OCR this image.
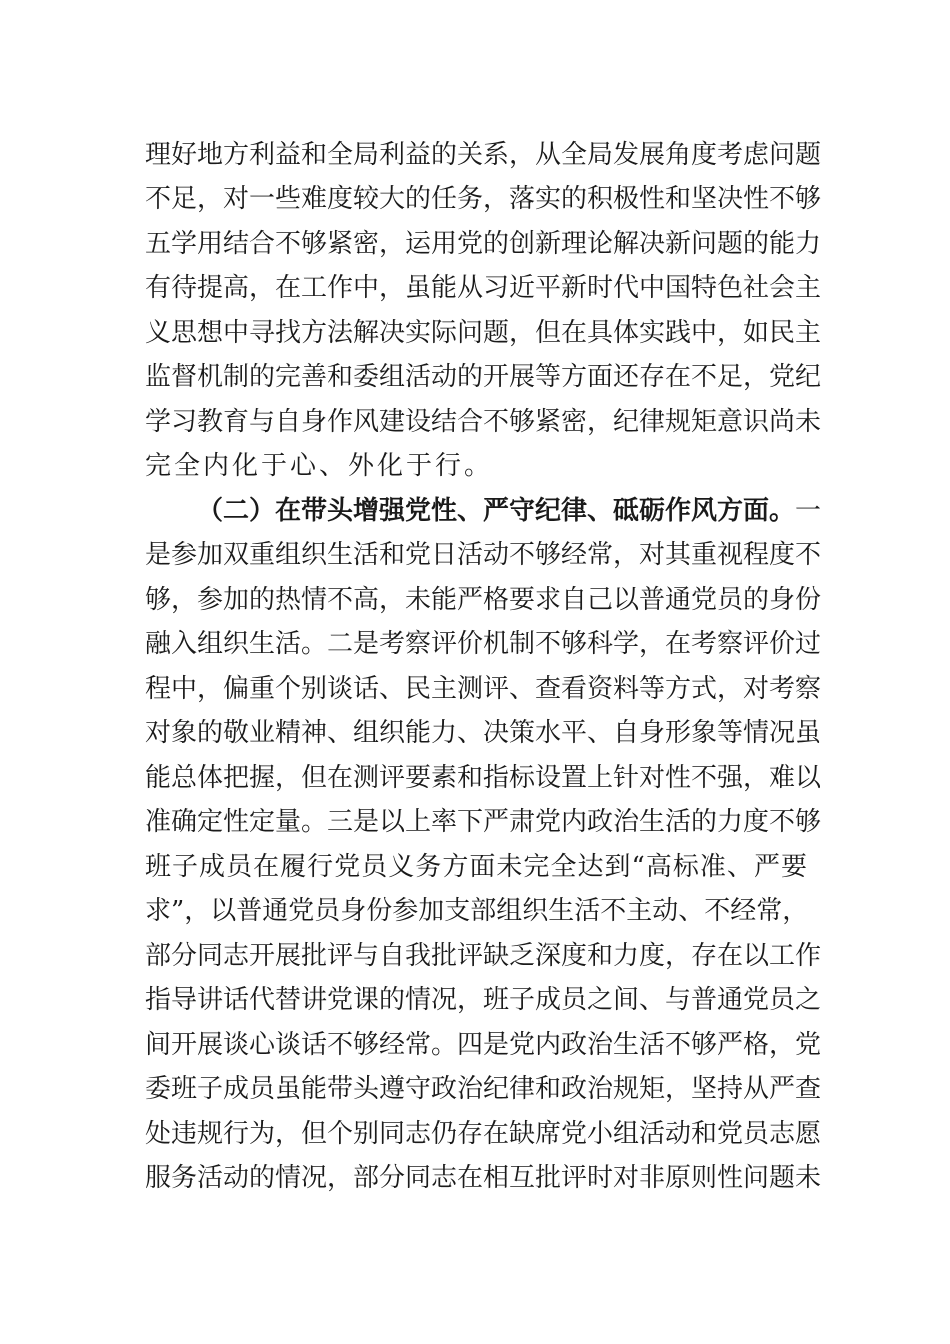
理好地方利益和全局利益的关系，从全局发展角度考虑问题
不足，对一些难度较大的任务，落实的积极性和坚决性不够
五学用结合不够紧密，运用党的创新理论解决新问题的能力
有待提高，在工作中，虽能从习近平新时代中国特色社会主
义思想中寻找方法解决实际问题，但在具体实践中，如民主
监督机制的完善和委组活动的开展等方面还存在不足，党纪
学习教育与自身作风建设结合不够紧密，纪律规矩意识尚未
完全内化于心、外化于行。
（二）在带头增强党性、严守纪律、砥砺作风方面。一
是参加双重组织生活和党日活动不够经常，对其重视程度不
够，参加的热情不高，未能严格要求自己以普通党员的身份
融入组织生活。二是考察评价机制不够科学，在考察评价过
程中，偏重个别谈话、民主测评、查看资料等方式，对考察
对象的敬业精神、组织能力、决策水平、自身形象等情况虽
能总体把握，但在测评要素和指标设置上针对性不强，难以
准确定性定量。三是以上率下严肃党内政治生活的力度不够
班子成员在履行党员义务方面未完全达到“高标准、严要
求”，以普通党员身份参加支部组织生活不主动、不经常，
部分同志开展批评与自我批评缺乏深度和力度，存在以工作
指导讲话代替讲党课的情况，班子成员之间、与普通党员之
间开展谈心谈话不够经常。四是党内政治生活不够严格，党
委班子成员虽能带头遵守政治纪律和政治规矩，坚持从严查
处违规行为，但个别同志仍存在缺席党小组活动和党员志愿
服务活动的情况，部分同志在相互批评时对非原则性问题未
